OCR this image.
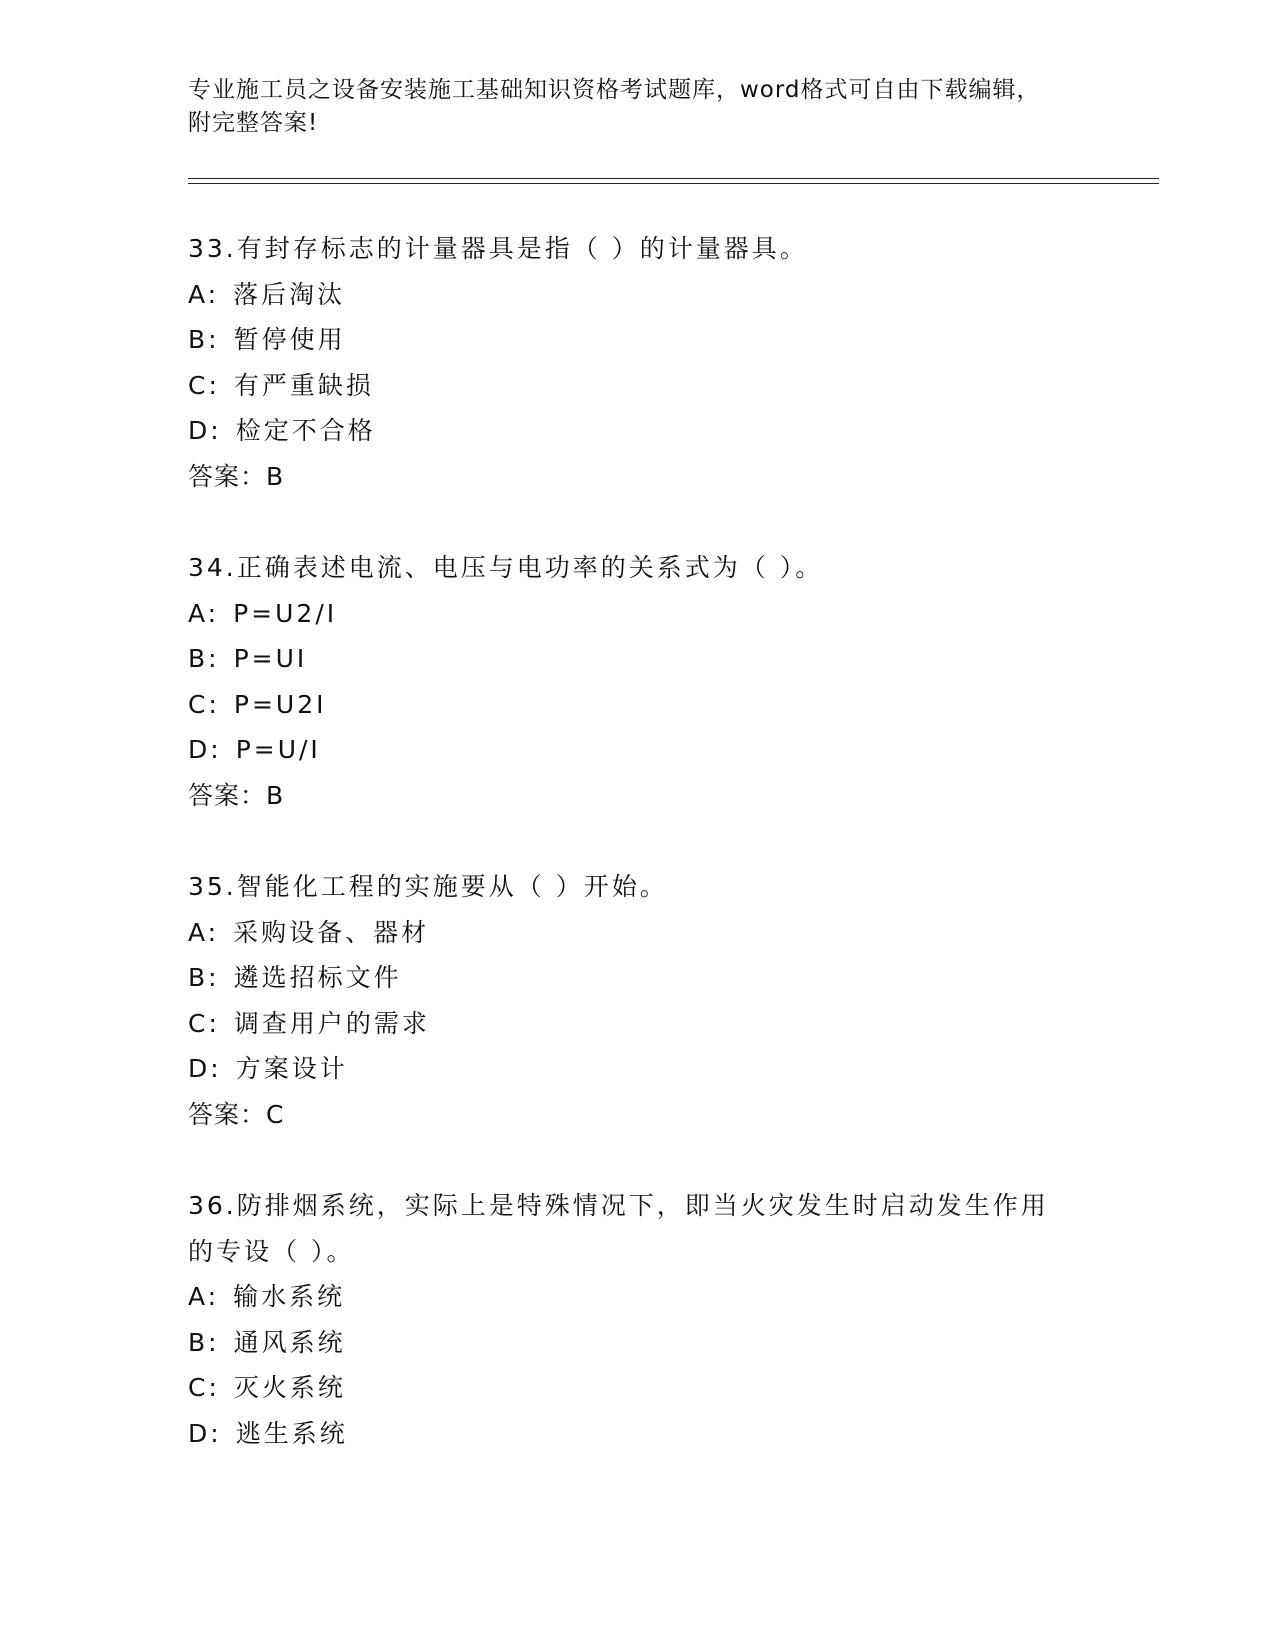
专业施工员之设备安装施工基础知识资格考试题库，word格式可自由下载编辑，
附完整答案!
33.有封存标志的计量器具是指（ ）的计量器具。
A: 落后淘汰
B: 暂停使用
C: 有严重缺损
D: 检定不合格
答案：B
34.正确表述电流、电压与电功率的关系式为（ ）。
A: P=U2/I
B: P=UI
C: P=U2I
D: P=U/I
答案：B
35.智能化工程的实施要从（ ）开始。
A: 采购设备、器材
B: 遴选招标文件
C: 调查用户的需求
D: 方案设计
答案：C
36.防排烟系统，实际上是特殊情况下，即当火灾发生时启动发生作用
的专设（ ）。
A: 输水系统
B: 通风系统
C: 灭火系统
D: 逃生系统
